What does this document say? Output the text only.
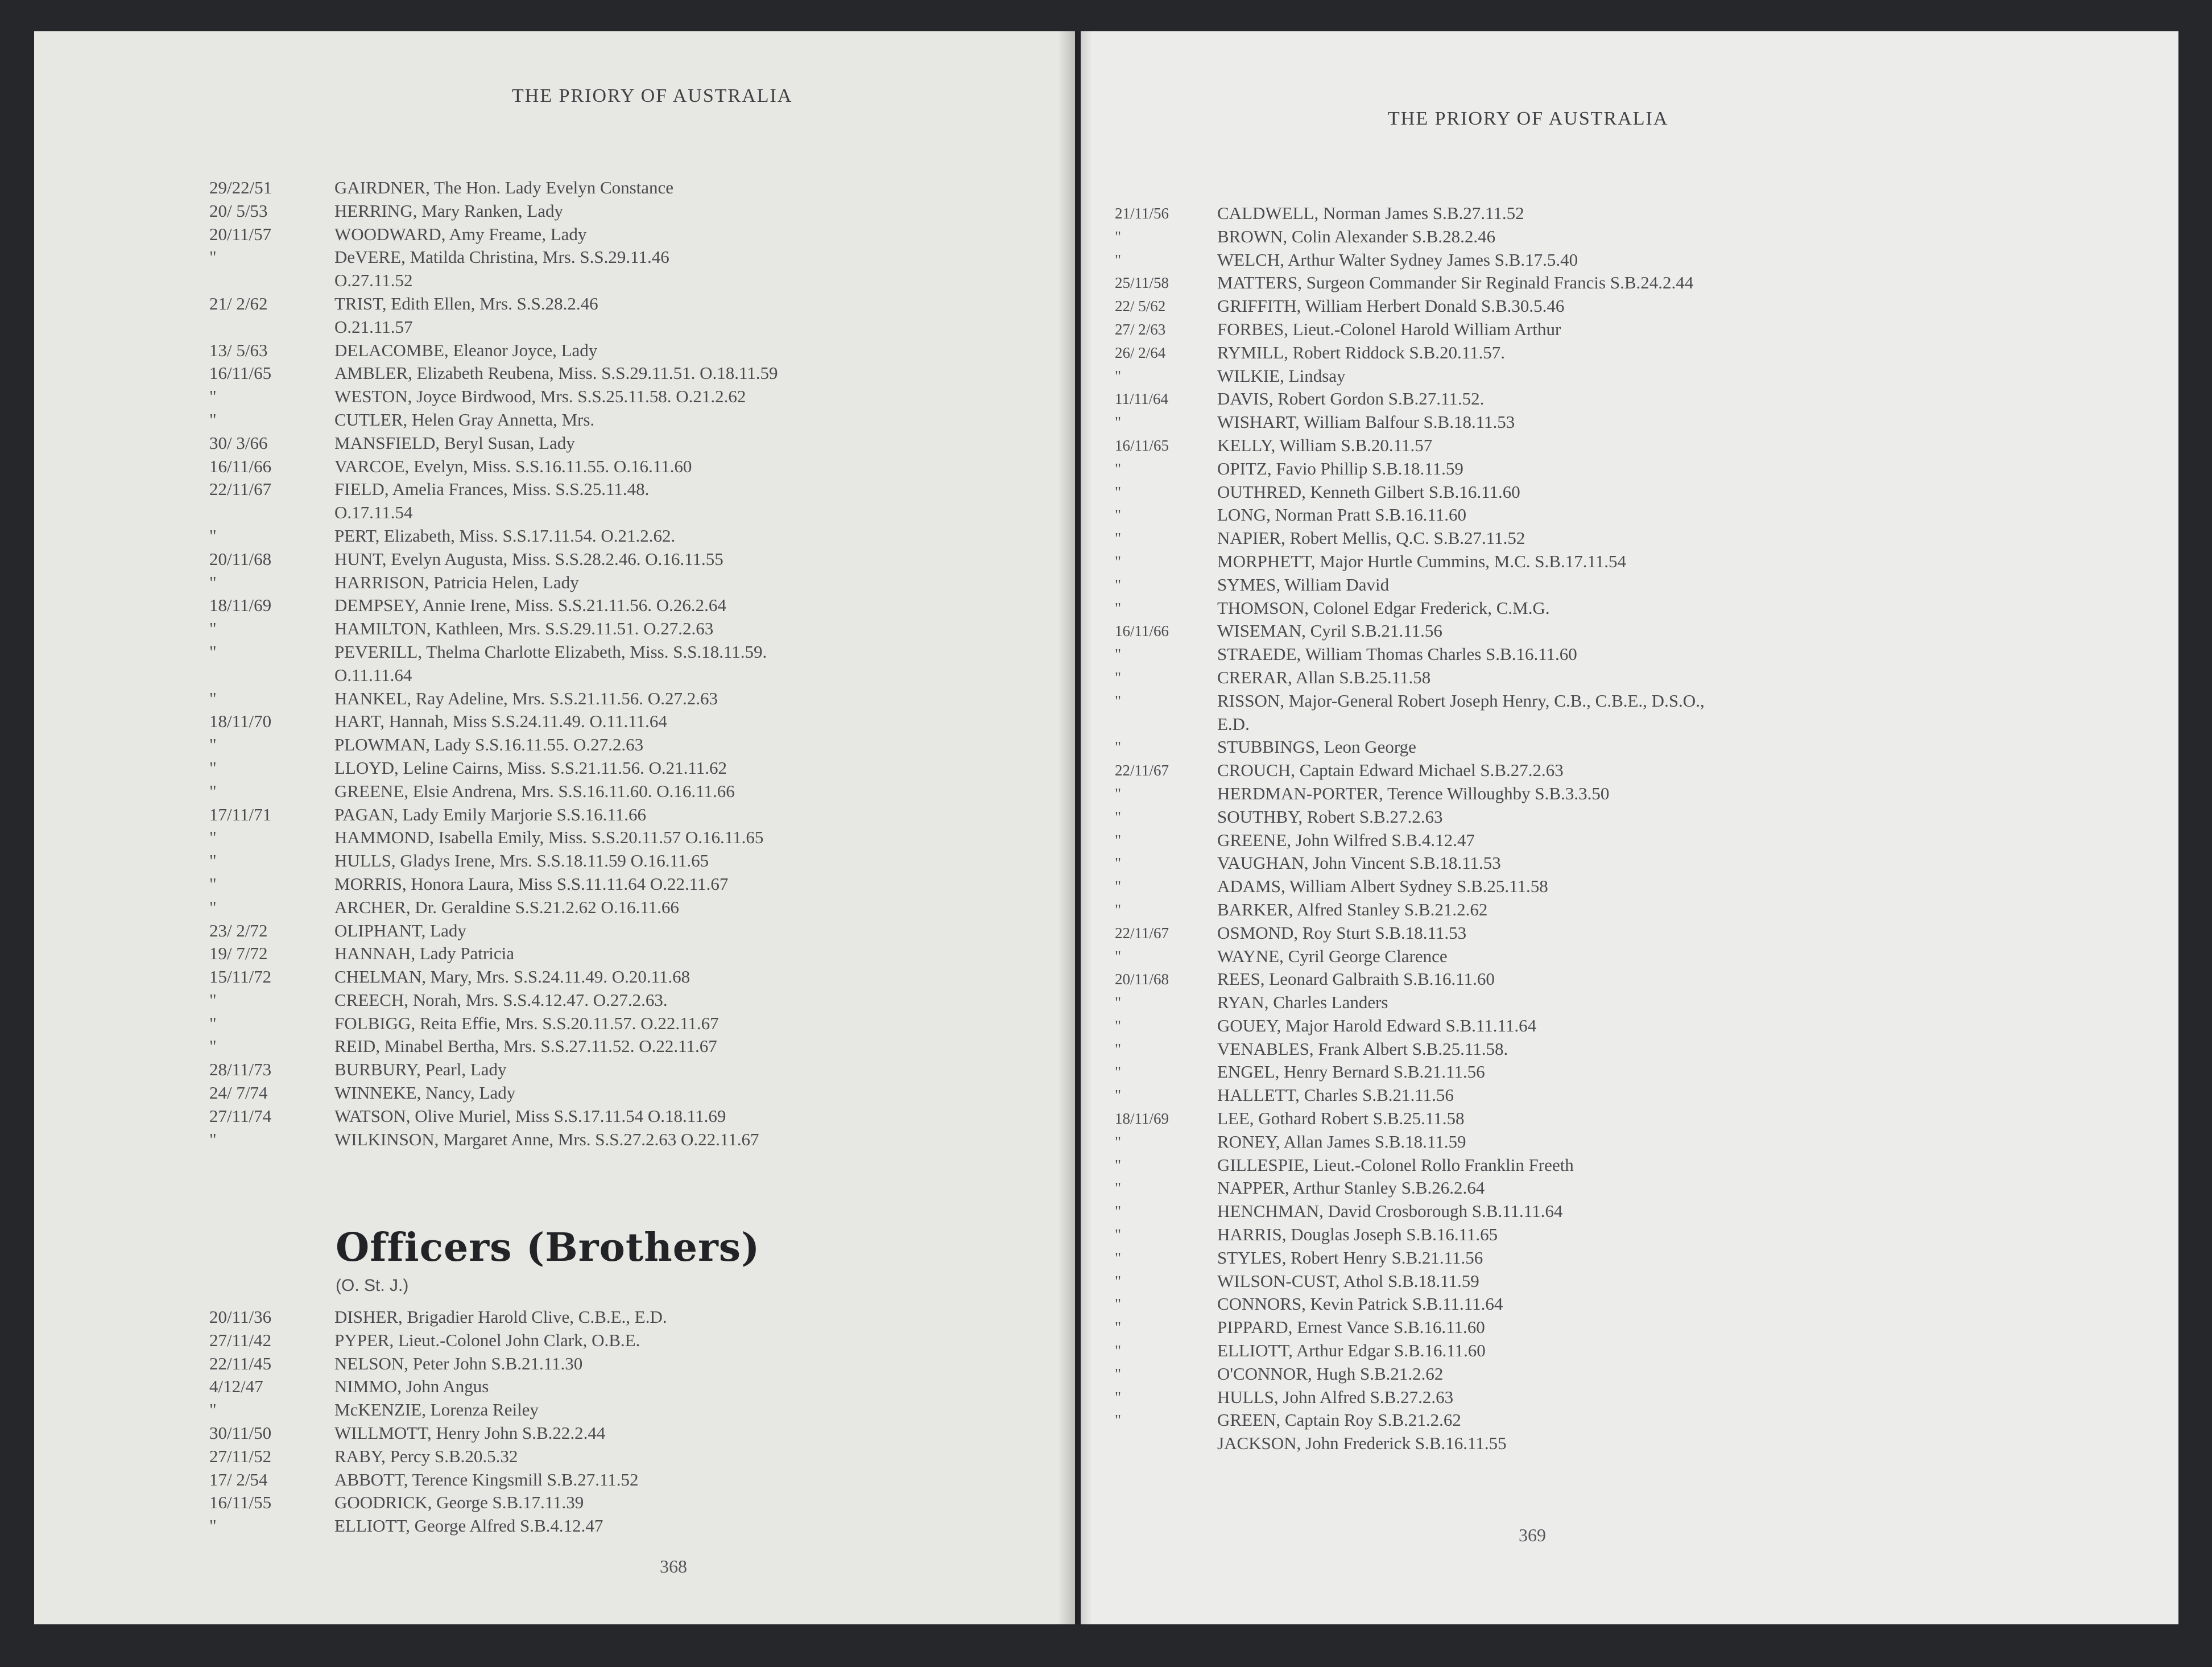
THE PRIORY OF AUSTRALIA
29/22/51	GAIRDNER, The Hon. Lady Evelyn Constance
20/ 5/53	HERRING, Mary Ranken, Lady
20/11/57	WOODWARD, Amy Freame, Lady
"	DeVERE, Matilda Christina, Mrs. S.S.29.11.46
O.27.11.52
21/ 2/62	TRIST, Edith Ellen, Mrs. S.S.28.2.46
O.21.11.57
13/ 5/63	DELACOMBE, Eleanor Joyce, Lady
16/11/65	AMBLER, Elizabeth Reubena, Miss. S.S.29.11.51. O.18.11.59
"	WESTON, Joyce Birdwood, Mrs. S.S.25.11.58. O.21.2.62
"	CUTLER, Helen Gray Annetta, Mrs.
30/ 3/66	MANSFIELD, Beryl Susan, Lady
16/11/66	VARCOE, Evelyn, Miss. S.S.16.11.55. O.16.11.60
22/11/67	FIELD, Amelia Frances, Miss. S.S.25.11.48.
O.17.11.54
"	PERT, Elizabeth, Miss. S.S.17.11.54. O.21.2.62.
20/11/68	HUNT, Evelyn Augusta, Miss. S.S.28.2.46. O.16.11.55
"	HARRISON, Patricia Helen, Lady
18/11/69	DEMPSEY, Annie Irene, Miss. S.S.21.11.56. O.26.2.64
"	HAMILTON, Kathleen, Mrs. S.S.29.11.51. O.27.2.63
"	PEVERILL, Thelma Charlotte Elizabeth, Miss. S.S.18.11.59.
O.11.11.64
"	HANKEL, Ray Adeline, Mrs. S.S.21.11.56. O.27.2.63
18/11/70	HART, Hannah, Miss S.S.24.11.49. O.11.11.64
"	PLOWMAN, Lady S.S.16.11.55. O.27.2.63
"	LLOYD, Leline Cairns, Miss. S.S.21.11.56. O.21.11.62
"	GREENE, Elsie Andrena, Mrs. S.S.16.11.60. O.16.11.66
17/11/71	PAGAN, Lady Emily Marjorie S.S.16.11.66
"	HAMMOND, Isabella Emily, Miss. S.S.20.11.57 O.16.11.65
"	HULLS, Gladys Irene, Mrs. S.S.18.11.59 O.16.11.65
"	MORRIS, Honora Laura, Miss S.S.11.11.64 O.22.11.67
"	ARCHER, Dr. Geraldine S.S.21.2.62 O.16.11.66
23/ 2/72	OLIPHANT, Lady
19/ 7/72	HANNAH, Lady Patricia
15/11/72	CHELMAN, Mary, Mrs. S.S.24.11.49. O.20.11.68
"	CREECH, Norah, Mrs. S.S.4.12.47. O.27.2.63.
"	FOLBIGG, Reita Effie, Mrs. S.S.20.11.57. O.22.11.67
"	REID, Minabel Bertha, Mrs. S.S.27.11.52. O.22.11.67
28/11/73	BURBURY, Pearl, Lady
24/ 7/74	WINNEKE, Nancy, Lady
27/11/74	WATSON, Olive Muriel, Miss S.S.17.11.54 O.18.11.69
"	WILKINSON, Margaret Anne, Mrs. S.S.27.2.63 O.22.11.67
Officers (Brothers)
(O. St. J.)
20/11/36	DISHER, Brigadier Harold Clive, C.B.E., E.D.
27/11/42	PYPER, Lieut.-Colonel John Clark, O.B.E.
22/11/45	NELSON, Peter John S.B.21.11.30
4/12/47	NIMMO, John Angus
"	McKENZIE, Lorenza Reiley
30/11/50	WILLMOTT, Henry John S.B.22.2.44
27/11/52	RABY, Percy S.B.20.5.32
17/ 2/54	ABBOTT, Terence Kingsmill S.B.27.11.52
16/11/55	GOODRICK, George S.B.17.11.39
"	ELLIOTT, George Alfred S.B.4.12.47
368
THE PRIORY OF AUSTRALIA
21/11/56	CALDWELL, Norman James S.B.27.11.52
"	BROWN, Colin Alexander S.B.28.2.46
"	WELCH, Arthur Walter Sydney James S.B.17.5.40
25/11/58	MATTERS, Surgeon Commander Sir Reginald Francis S.B.24.2.44
22/ 5/62	GRIFFITH, William Herbert Donald S.B.30.5.46
27/ 2/63	FORBES, Lieut.-Colonel Harold William Arthur
26/ 2/64	RYMILL, Robert Riddock S.B.20.11.57.
"	WILKIE, Lindsay
11/11/64	DAVIS, Robert Gordon S.B.27.11.52.
"	WISHART, William Balfour S.B.18.11.53
16/11/65	KELLY, William S.B.20.11.57
"	OPITZ, Favio Phillip S.B.18.11.59
"	OUTHRED, Kenneth Gilbert S.B.16.11.60
"	LONG, Norman Pratt S.B.16.11.60
"	NAPIER, Robert Mellis, Q.C. S.B.27.11.52
"	MORPHETT, Major Hurtle Cummins, M.C. S.B.17.11.54
"	SYMES, William David
"	THOMSON, Colonel Edgar Frederick, C.M.G.
16/11/66	WISEMAN, Cyril S.B.21.11.56
"	STRAEDE, William Thomas Charles S.B.16.11.60
"	CRERAR, Allan S.B.25.11.58
"	RISSON, Major-General Robert Joseph Henry, C.B., C.B.E., D.S.O.,
E.D.
"	STUBBINGS, Leon George
22/11/67	CROUCH, Captain Edward Michael S.B.27.2.63
"	HERDMAN-PORTER, Terence Willoughby S.B.3.3.50
"	SOUTHBY, Robert S.B.27.2.63
"	GREENE, John Wilfred S.B.4.12.47
"	VAUGHAN, John Vincent S.B.18.11.53
"	ADAMS, William Albert Sydney S.B.25.11.58
"	BARKER, Alfred Stanley S.B.21.2.62
22/11/67	OSMOND, Roy Sturt S.B.18.11.53
"	WAYNE, Cyril George Clarence
20/11/68	REES, Leonard Galbraith S.B.16.11.60
"	RYAN, Charles Landers
"	GOUEY, Major Harold Edward S.B.11.11.64
"	VENABLES, Frank Albert S.B.25.11.58.
"	ENGEL, Henry Bernard S.B.21.11.56
"	HALLETT, Charles S.B.21.11.56
18/11/69	LEE, Gothard Robert S.B.25.11.58
"	RONEY, Allan James S.B.18.11.59
"	GILLESPIE, Lieut.-Colonel Rollo Franklin Freeth
"	NAPPER, Arthur Stanley S.B.26.2.64
"	HENCHMAN, David Crosborough S.B.11.11.64
"	HARRIS, Douglas Joseph S.B.16.11.65
"	STYLES, Robert Henry S.B.21.11.56
"	WILSON-CUST, Athol S.B.18.11.59
"	CONNORS, Kevin Patrick S.B.11.11.64
"	PIPPARD, Ernest Vance S.B.16.11.60
"	ELLIOTT, Arthur Edgar S.B.16.11.60
"	O'CONNOR, Hugh S.B.21.2.62
"	HULLS, John Alfred S.B.27.2.63
"	GREEN, Captain Roy S.B.21.2.62
JACKSON, John Frederick S.B.16.11.55
369
